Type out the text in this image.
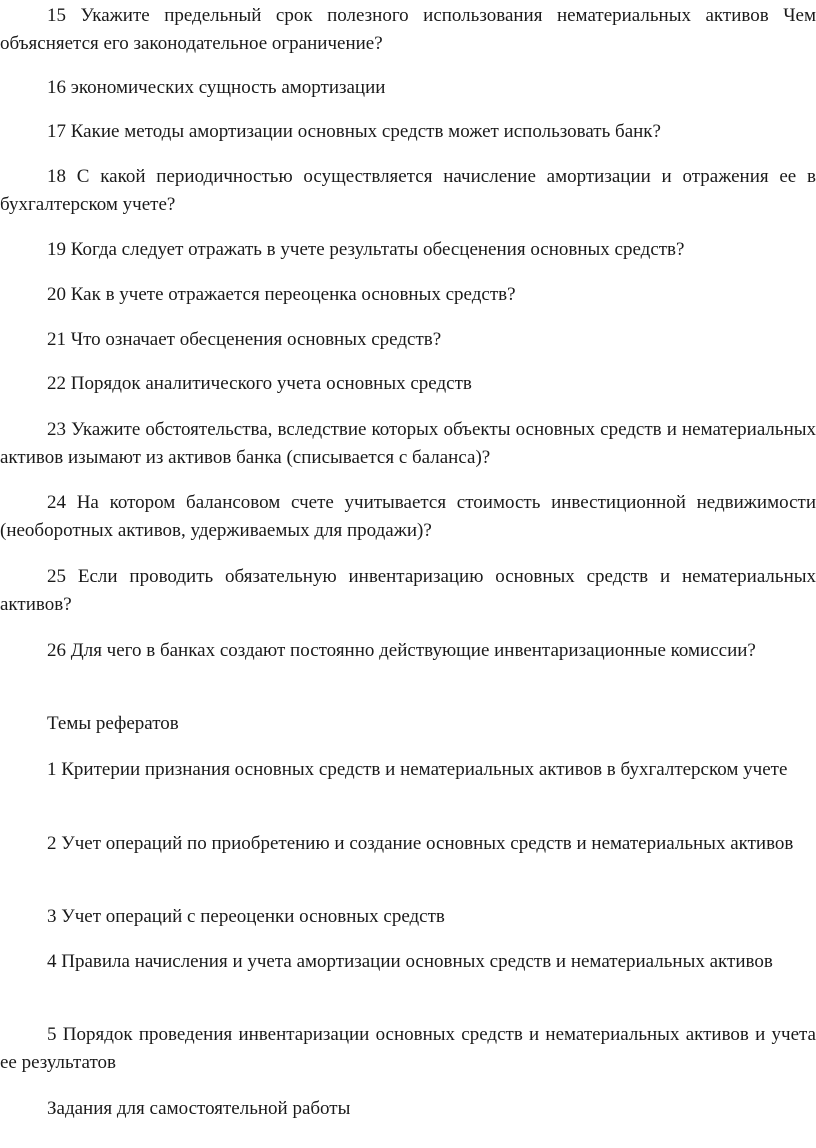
15 Укажите предельный срок полезного использования нематериальных активов Чем объясняется его законодательное ограничение?

16 экономических сущность амортизации

17 Какие методы амортизации основных средств может использовать банк?

18 С какой периодичностью осуществляется начисление амортизации и отражения ее в бухгалтерском учете?

19 Когда следует отражать в учете результаты обесценения основных средств?

20 Как в учете отражается переоценка основных средств?

21 Что означает обесценения основных средств?

22 Порядок аналитического учета основных средств

23 Укажите обстоятельства, вследствие которых объекты основных средств и нематериальных активов изымают из активов банка (списывается с баланса)?

24 На котором балансовом счете учитывается стоимость инвестиционной недвижимости (необоротных активов, удерживаемых для продажи)?

25 Если проводить обязательную инвентаризацию основных средств и нематериальных активов?

26 Для чего в банках создают постоянно действующие инвентаризационные комиссии?

Темы рефератов

1 Критерии признания основных средств и нематериальных активов в бухгалтерском учете

2 Учет операций по приобретению и создание основных средств и нематериальных активов

3 Учет операций с переоценки основных средств

4 Правила начисления и учета амортизации основных средств и нематериальных активов

5 Порядок проведения инвентаризации основных средств и нематериальных активов и учета ее результатов

Задания для самостоятельной работы
